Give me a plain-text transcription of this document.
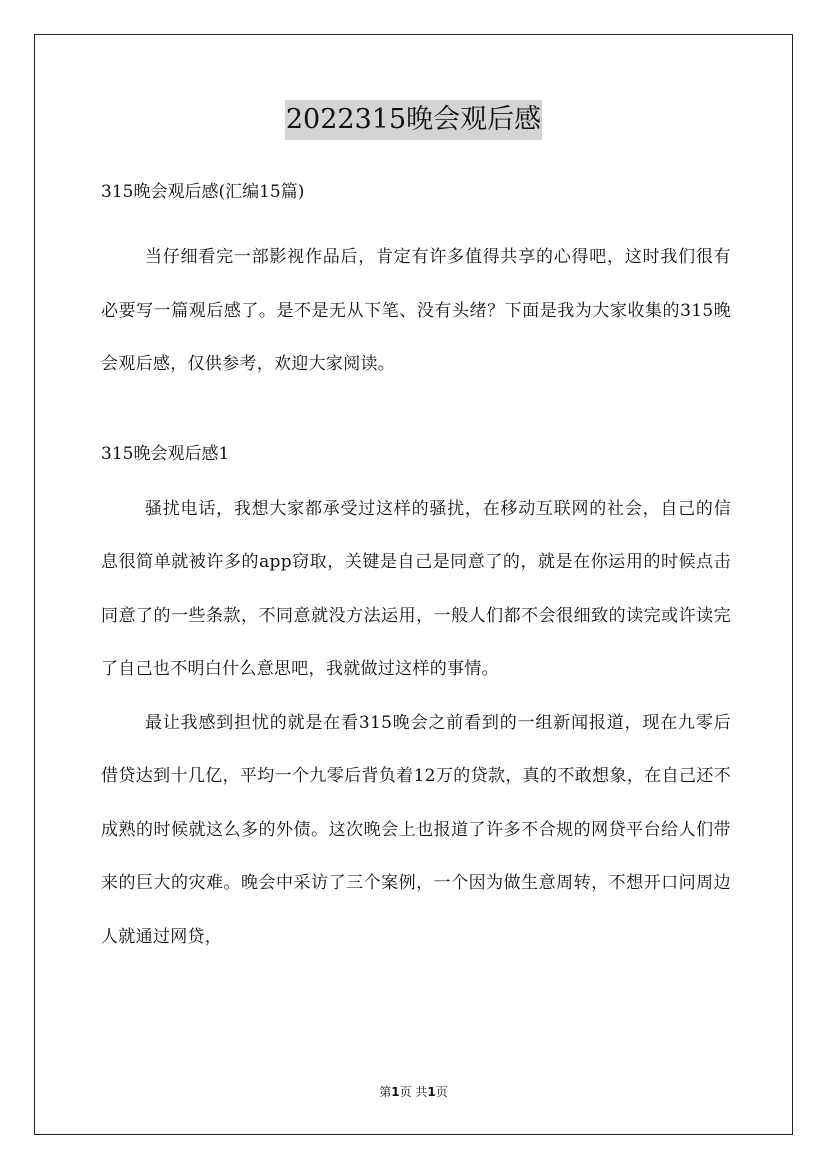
2022315晚会观后感

315晚会观后感(汇编15篇)

当仔细看完一部影视作品后，肯定有许多值得共享的心得吧，这时我们很有必要写一篇观后感了。是不是无从下笔、没有头绪？下面是我为大家收集的315晚会观后感，仅供参考，欢迎大家阅读。

315晚会观后感1

骚扰电话，我想大家都承受过这样的骚扰，在移动互联网的社会，自己的信息很简单就被许多的app窃取，关键是自己是同意了的，就是在你运用的时候点击同意了的一些条款，不同意就没方法运用，一般人们都不会很细致的读完或许读完了自己也不明白什么意思吧，我就做过这样的事情。

最让我感到担忧的就是在看315晚会之前看到的一组新闻报道，现在九零后借贷达到十几亿，平均一个九零后背负着12万的贷款，真的不敢想象，在自己还不成熟的时候就这么多的外债。这次晚会上也报道了许多不合规的网贷平台给人们带来的巨大的灾难。晚会中采访了三个案例，一个因为做生意周转，不想开口问周边人就通过网贷，

第1页 共1页
